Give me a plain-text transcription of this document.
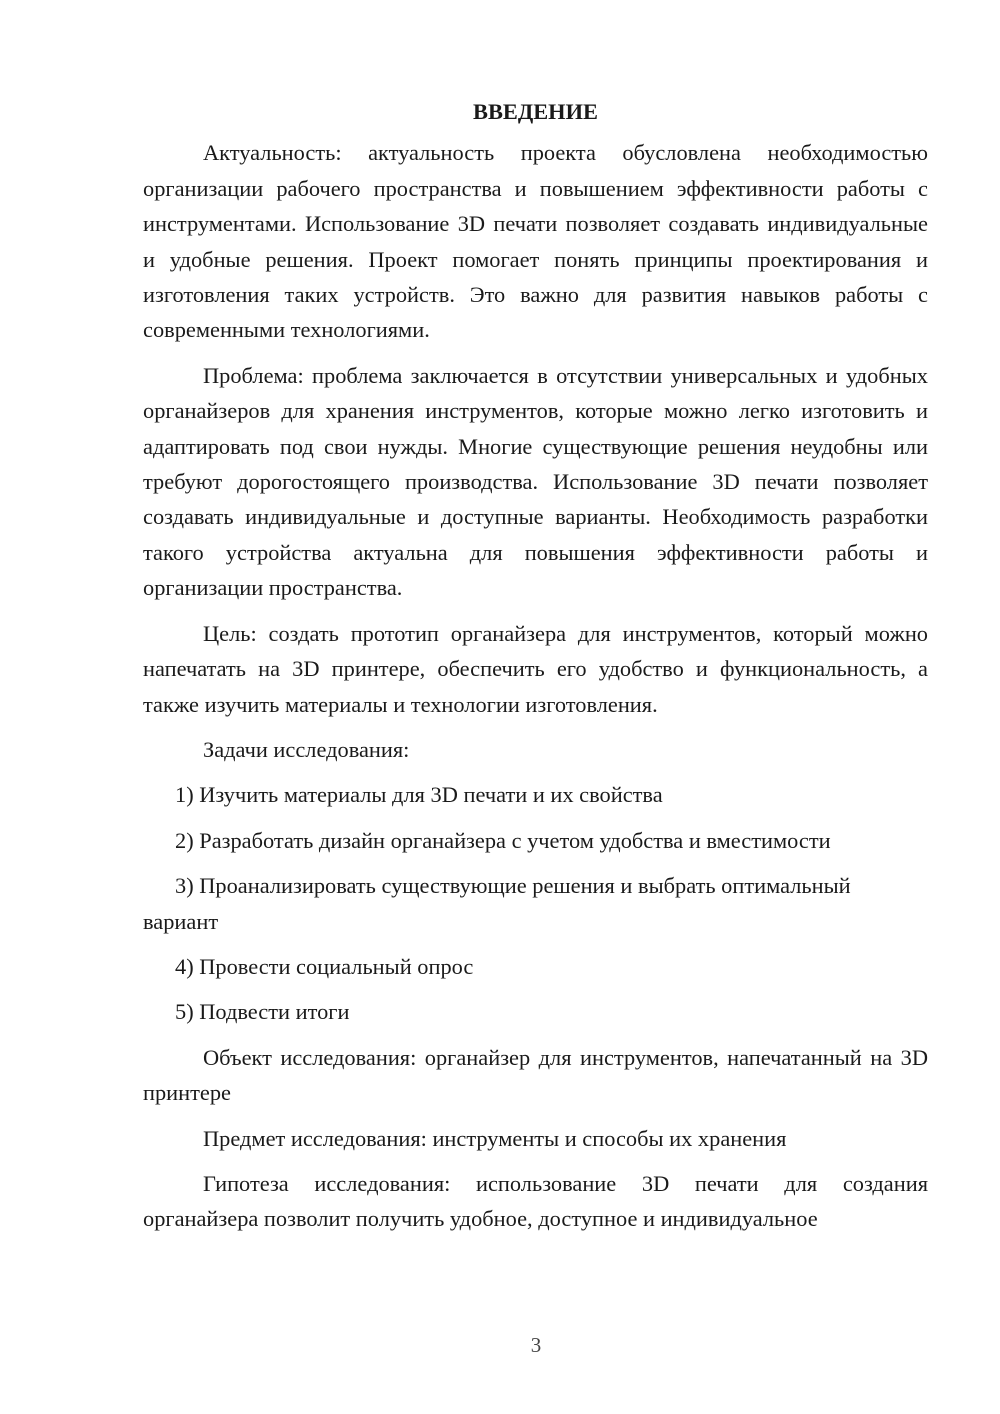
ВВЕДЕНИЕ

Актуальность: актуальность проекта обусловлена необходимостью организации рабочего пространства и повышением эффективности работы с инструментами. Использование 3D печати позволяет создавать индивидуальные и удобные решения. Проект помогает понять принципы проектирования и изготовления таких устройств. Это важно для развития навыков работы с современными технологиями.

Проблема: проблема заключается в отсутствии универсальных и удобных органайзеров для хранения инструментов, которые можно легко изготовить и адаптировать под свои нужды. Многие существующие решения неудобны или требуют дорогостоящего производства. Использование 3D печати позволяет создавать индивидуальные и доступные варианты. Необходимость разработки такого устройства актуальна для повышения эффективности работы и организации пространства.

Цель: создать прототип органайзера для инструментов, который можно напечатать на 3D принтере, обеспечить его удобство и функциональность, а также изучить материалы и технологии изготовления.

Задачи исследования:

1) Изучить материалы для 3D печати и их свойства

2) Разработать дизайн органайзера с учетом удобства и вместимости

3) Проанализировать существующие решения и выбрать оптимальный вариант

4) Провести социальный опрос

5) Подвести итоги

Объект исследования: органайзер для инструментов, напечатанный на 3D принтере

Предмет исследования: инструменты и способы их хранения

Гипотеза исследования: использование 3D печати для создания органайзера позволит получить удобное, доступное и индивидуальное

3
